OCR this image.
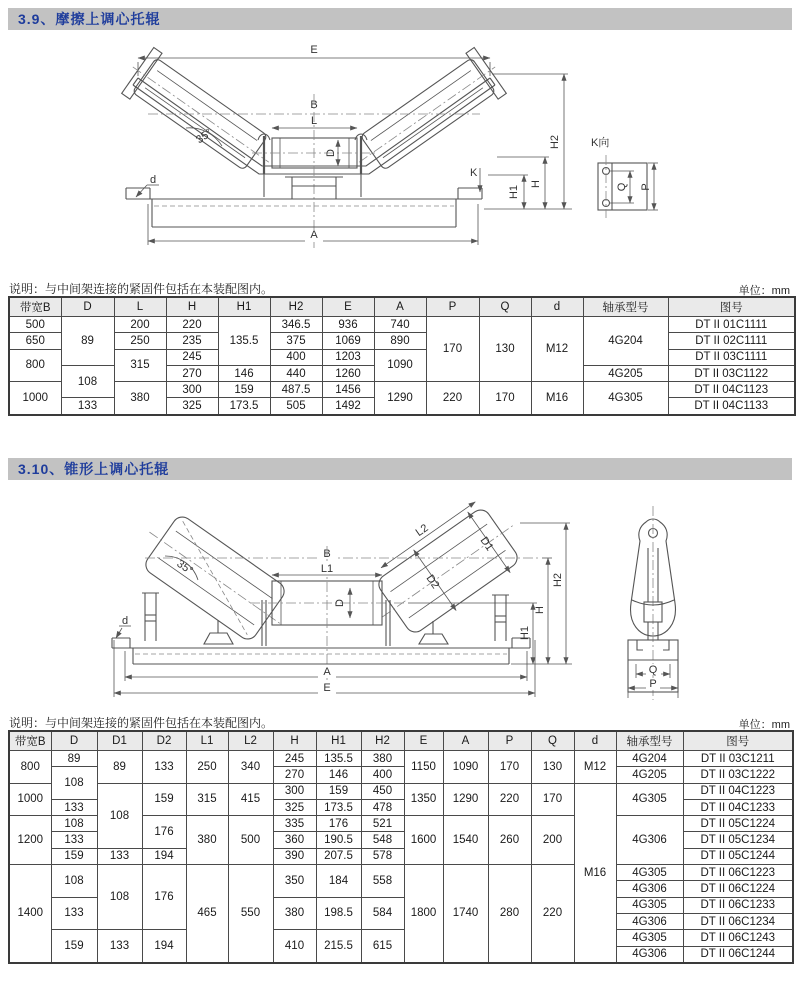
3.9、摩擦上调心托辊
E
B
L
D
35°
K
d
A
H1
H
H2	K向
Q P
说明：与中间架连接的紧固件包括在本装配图内。	单位：mm
带宽B	D	L	H	H1	H2	E	A	P	Q	d	轴承型号	图号
500	89	200	220	135.5	346.5	936	740	170	130	M12	4G204	DT II 01C1111
650		250	235		375	1069	890					DT II 02C1111
800		315	245		400	1203	1090					DT II 03C1111
	108		270	146	440	1260					4G205	DT II 03C1122
1000		380	300	159	487.5	1456	1290	220	170	M16	4G305	DT II 04C1123
	133		325	173.5	505	1492						DT II 04C1133
3.10、锥形上调心托辊
D1
D2
L2
B
35°	L1
D
d
A
E
H1
H
H2
Q
P
说明：与中间架连接的紧固件包括在本装配图内。	单位：mm
带宽B	D	D1	D2	L1	L2	H	H1	H2	E	A	P	Q	d	轴承型号	图号
800	89	89	133	250	340	245	135.5	380	1150	1090	170	130	M12	4G204	DT II 03C1211
	108					270	146	400						4G205	DT II 03C1222
1000		108	159	315	415	300	159	450	1350	1290	220	170	M16	4G305	DT II 04C1223
	133					325	173.5	478							DT II 04C1233
1200	108		176	380	500	335	176	521	1600	1540	260	200		4G306	DT II 05C1224
	133					360	190.5	548							DT II 05C1234
	159	133	194			390	207.5	578							DT II 05C1244
1400	108	108	176	465	550	350	184	558	1800	1740	280	220		4G305	DT II 06C1223
														4G306	DT II 06C1224
	133					380	198.5	584						4G305	DT II 06C1233
														4G306	DT II 06C1234
	159	133	194			410	215.5	615						4G305	DT II 06C1243
														4G306	DT II 06C1244
